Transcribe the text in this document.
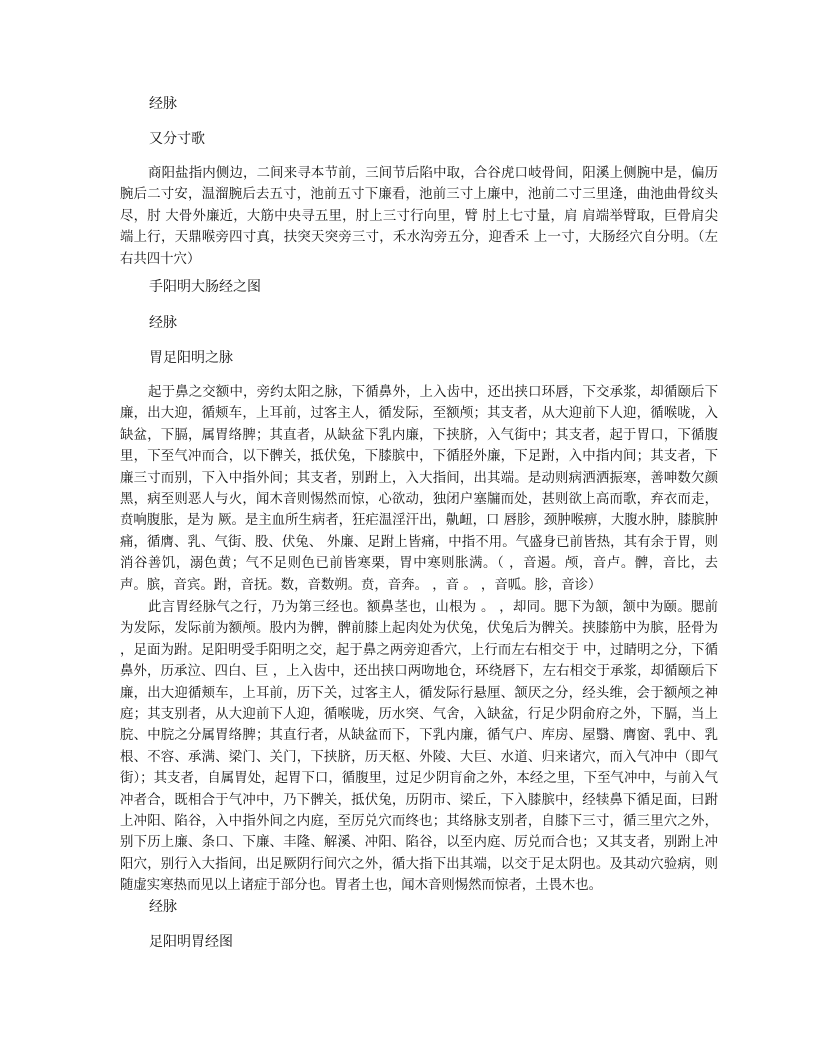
经脉
又分寸歌

商阳盐指内侧边，二间来寻本节前，三间节后陷中取，合谷虎口岐骨间，阳溪上侧腕中是，偏历腕后二寸安，温溜腕后去五寸，池前五寸下廉看，池前三寸上廉中，池前二寸三里逢，曲池曲骨纹头尽，肘 大骨外廉近，大筋中央寻五里，肘上三寸行向里，臂 肘上七寸量，肩 肩端举臂取，巨骨肩尖端上行，天鼎喉旁四寸真，扶突天突旁三寸，禾水沟旁五分，迎香禾 上一寸，大肠经穴自分明。（左右共四十穴）

手阳明大肠经之图
经脉
胃足阳明之脉

起于鼻之交额中，旁约太阳之脉，下循鼻外，上入齿中，还出挟口环唇，下交承浆，却循颐后下廉，出大迎，循颊车，上耳前，过客主人，循发际，至额颅；其支者，从大迎前下人迎，循喉咙，入缺盆，下膈，属胃络脾；其直者，从缺盆下乳内廉，下挟脐，入气街中；其支者，起于胃口，下循腹里，下至气冲而合，以下髀关，抵伏兔，下膝膑中，下循胫外廉，下足跗，入中指内间；其支者，下廉三寸而别，下入中指外间；其支者，别跗上，入大指间，出其端。是动则病洒洒振寒，善呻数欠颜黑，病至则恶人与火，闻木音则惕然而惊，心欲动，独闭户塞牖而处，甚则欲上高而歌，弃衣而走，贲响腹胀，是为 厥。是主血所生病者，狂疟温淫汗出，鼽衄，口 唇胗，颈肿喉痹，大腹水肿，膝膑肿痛，循膺、乳、气街、股、伏兔、 外廉、足跗上皆痛，中指不用。气盛身已前皆热，其有余于胃，则消谷善饥，溺色黄；气不足则色已前皆寒栗，胃中寒则胀满。（ ，音遏。颅，音卢。髀，音比，去声。膑，音宾。跗，音抚。数，音数朔。贲，音奔。 ，音 。 ，音呱。胗，音诊）

此言胃经脉气之行，乃为第三经也。额鼻茎也，山根为 。 ，却同。腮下为颔，颔中为颐。腮前为发际，发际前为额颅。股内为髀，髀前膝上起肉处为伏兔，伏兔后为髀关。挟膝筋中为膑，胫骨为 ，足面为跗。足阳明受手阳明之交，起于鼻之两旁迎香穴，上行而左右相交于 中，过睛明之分，下循鼻外，历承泣、四白、巨 ，上入齿中，还出挟口两吻地仓，环绕唇下，左右相交于承浆，却循颐后下廉，出大迎循颊车，上耳前，历下关，过客主人，循发际行悬厘、颔厌之分，经头维，会于额颅之神庭；其支别者，从大迎前下人迎，循喉咙，历水突、气舍，入缺盆，行足少阴俞府之外，下膈，当上脘、中脘之分属胃络脾；其直行者，从缺盆而下，下乳内廉，循气户、库房、屋翳、膺窗、乳中、乳根、不容、承满、梁门、关门，下挟脐，历天枢、外陵、大巨、水道、归来诸穴，而入气冲中（即气街）；其支者，自属胃处，起胃下口，循腹里，过足少阴肓俞之外，本经之里，下至气冲中，与前入气冲者合，既相合于气冲中，乃下髀关，抵伏兔，历阴市、梁丘，下入膝膑中，经犊鼻下循足面，曰跗上冲阳、陷谷，入中指外间之内庭，至厉兑穴而终也；其络脉支别者，自膝下三寸，循三里穴之外，别下历上廉、条口、下廉、丰隆、解溪、冲阳、陷谷，以至内庭、厉兑而合也；又其支者，别跗上冲阳穴，别行入大指间，出足厥阴行间穴之外，循大指下出其端，以交于足太阴也。及其动穴验病，则随虚实寒热而见以上诸症于部分也。胃者土也，闻木音则惕然而惊者，土畏木也。

经脉
足阳明胃经图
